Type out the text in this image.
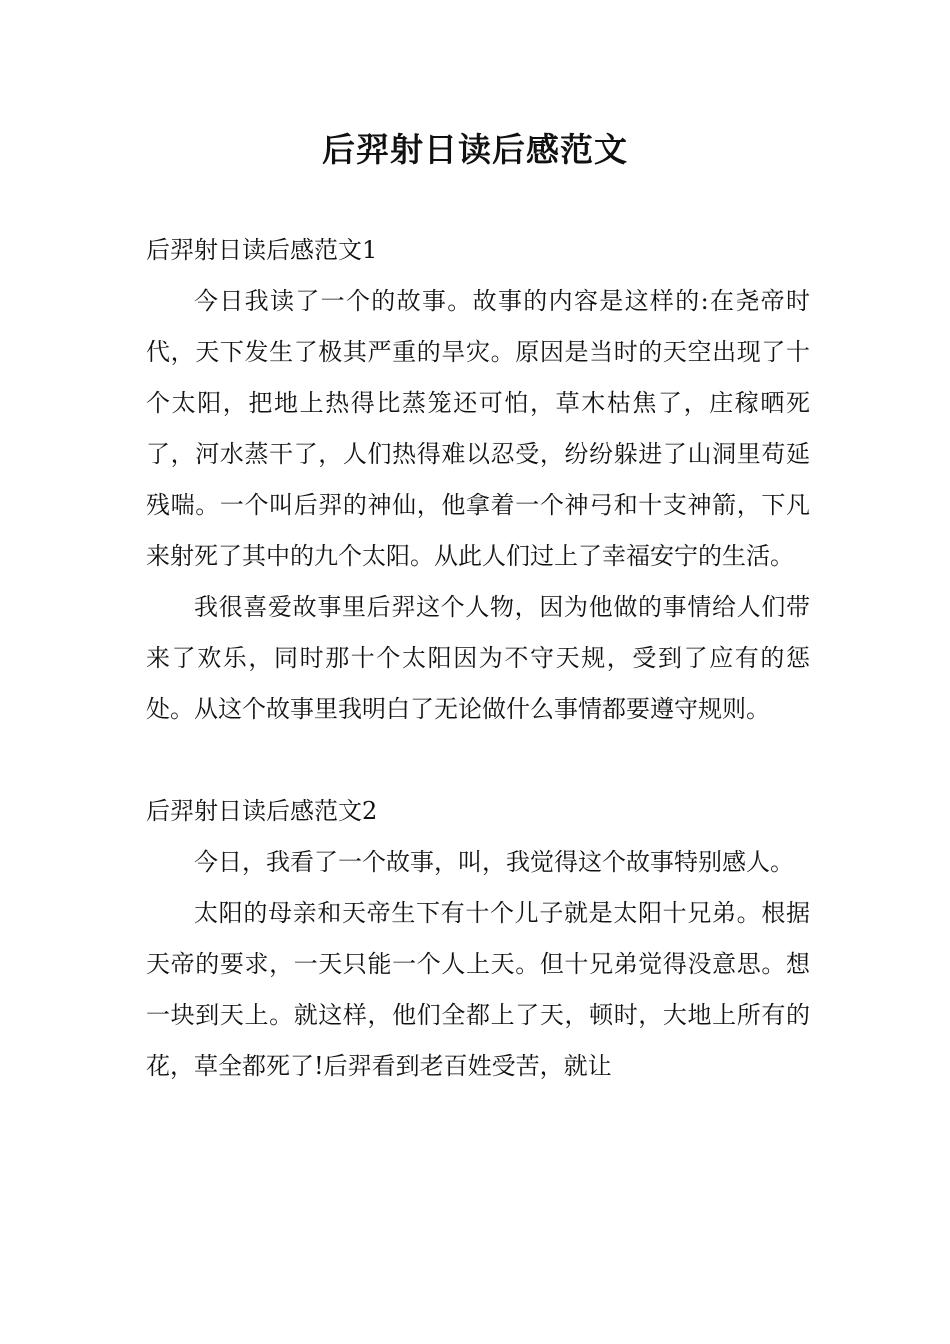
后羿射日读后感范文
后羿射日读后感范文1

今日我读了一个的故事。故事的内容是这样的:在尧帝时代，天下发生了极其严重的旱灾。原因是当时的天空出现了十个太阳，把地上热得比蒸笼还可怕，草木枯焦了，庄稼晒死了，河水蒸干了，人们热得难以忍受，纷纷躲进了山洞里苟延残喘。一个叫后羿的神仙，他拿着一个神弓和十支神箭，下凡来射死了其中的九个太阳。从此人们过上了幸福安宁的生活。

我很喜爱故事里后羿这个人物，因为他做的事情给人们带来了欢乐，同时那十个太阳因为不守天规，受到了应有的惩处。从这个故事里我明白了无论做什么事情都要遵守规则。

后羿射日读后感范文2

今日，我看了一个故事，叫，我觉得这个故事特别感人。

太阳的母亲和天帝生下有十个儿子就是太阳十兄弟。根据天帝的要求，一天只能一个人上天。但十兄弟觉得没意思。想一块到天上。就这样，他们全都上了天，顿时，大地上所有的花，草全都死了!后羿看到老百姓受苦，就让
